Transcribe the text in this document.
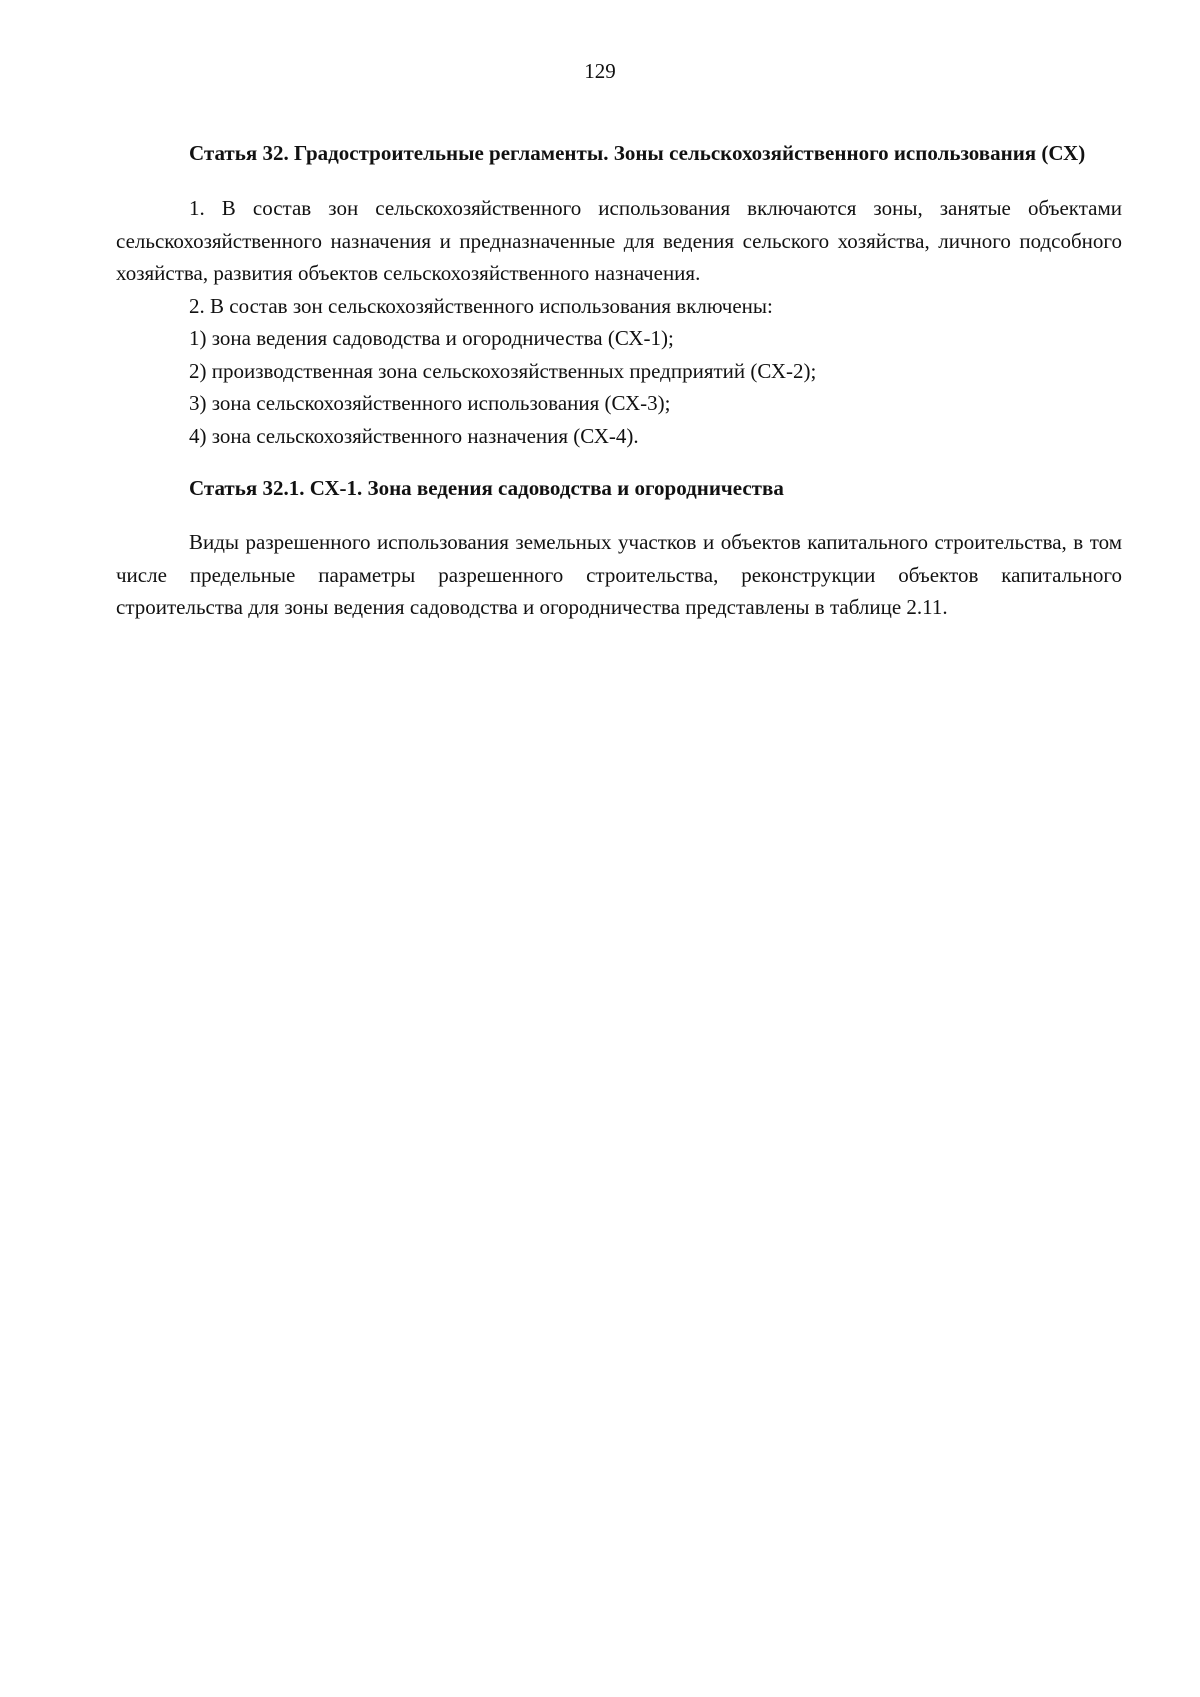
129

Статья 32. Градостроительные регламенты. Зоны сельскохозяйственного использования (СХ)

1. В состав зон сельскохозяйственного использования включаются зоны, занятые объектами сельскохозяйственного назначения и предназначенные для ведения сельского хозяйства, личного подсобного хозяйства, развития объектов сельскохозяйственного назначения.

2. В состав зон сельскохозяйственного использования включены:

1) зона ведения садоводства и огородничества (СХ-1);

2) производственная зона сельскохозяйственных предприятий (СХ-2);

3) зона сельскохозяйственного использования (СХ-3);

4) зона сельскохозяйственного назначения (СХ-4).

Статья 32.1. СХ-1. Зона ведения садоводства и огородничества

Виды разрешенного использования земельных участков и объектов капитального строительства, в том числе предельные параметры разрешенного строительства, реконструкции объектов капитального строительства для зоны ведения садоводства и огородничества представлены в таблице 2.11.
